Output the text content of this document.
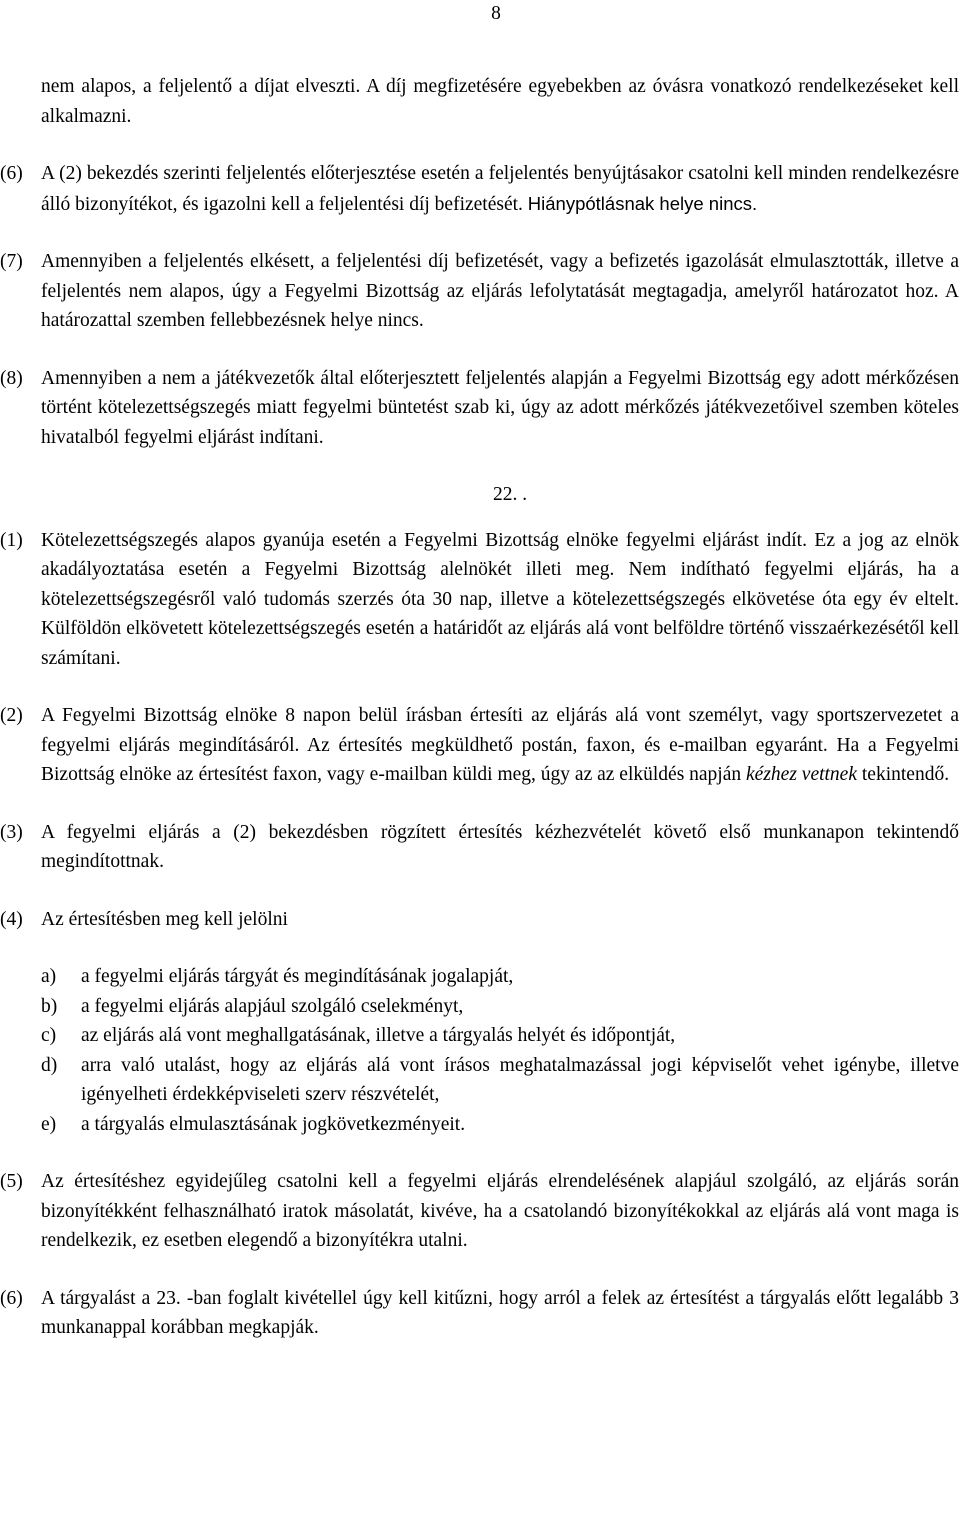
8

nem alapos, a feljelentő a díjat elveszti. A díj megfizetésére egyebekben az óvásra vonatkozó rendelkezéseket kell alkalmazni.

(6) A (2) bekezdés szerinti feljelentés előterjesztése esetén a feljelentés benyújtásakor csatolni kell minden rendelkezésre álló bizonyítékot, és igazolni kell a feljelentési díj befizetését. Hiánypótlásnak helye nincs.

(7) Amennyiben a feljelentés elkésett, a feljelentési díj befizetését, vagy a befizetés igazolását elmulasztották, illetve a feljelentés nem alapos, úgy a Fegyelmi Bizottság az eljárás lefolytatását megtagadja, amelyről határozatot hoz. A határozattal szemben fellebbezésnek helye nincs.

(8) Amennyiben a nem a játékvezetők által előterjesztett feljelentés alapján a Fegyelmi Bizottság egy adott mérkőzésen történt kötelezettségszegés miatt fegyelmi büntetést szab ki, úgy az adott mérkőzés játékvezetőivel szemben köteles hivatalból fegyelmi eljárást indítani.

22. .
(1) Kötelezettségszegés alapos gyanúja esetén a Fegyelmi Bizottság elnöke fegyelmi eljárást indít. Ez a jog az elnök akadályoztatása esetén a Fegyelmi Bizottság alelnökét illeti meg. Nem indítható fegyelmi eljárás, ha a kötelezettségszegésről való tudomás szerzés óta 30 nap, illetve a kötelezettségszegés elkövetése óta egy év eltelt. Külföldön elkövetett kötelezettségszegés esetén a határidőt az eljárás alá vont belföldre történő visszaérkezésétől kell számítani.

(2) A Fegyelmi Bizottság elnöke 8 napon belül írásban értesíti az eljárás alá vont személyt, vagy sportszervezetet a fegyelmi eljárás megindításáról. Az értesítés megküldhető postán, faxon, és e-mailban egyaránt. Ha a Fegyelmi Bizottság elnöke az értesítést faxon, vagy e-mailban küldi meg, úgy az az elküldés napján kézhez vettnek tekintendő.

(3) A fegyelmi eljárás a (2) bekezdésben rögzített értesítés kézhezvételét követő első munkanapon tekintendő megindítottnak.

(4) Az értesítésben meg kell jelölni

a)	a fegyelmi eljárás tárgyát és megindításának jogalapját,
b)	a fegyelmi eljárás alapjául szolgáló cselekményt,
c)	az eljárás alá vont meghallgatásának, illetve a tárgyalás helyét és időpontját,
d)	arra való utalást, hogy az eljárás alá vont írásos meghatalmazással jogi képviselőt vehet igénybe, illetve igényelheti érdekképviseleti szerv részvételét,
e)	a tárgyalás elmulasztásának jogkövetkezményeit.
(5) Az értesítéshez egyidejűleg csatolni kell a fegyelmi eljárás elrendelésének alapjául szolgáló, az eljárás során bizonyítékként felhasználható iratok másolatát, kivéve, ha a csatolandó bizonyítékokkal az eljárás alá vont maga is rendelkezik, ez esetben elegendő a bizonyítékra utalni.

(6) A tárgyalást a 23. -ban foglalt kivétellel úgy kell kitűzni, hogy arról a felek az értesítést a tárgyalás előtt legalább 3 munkanappal korábban megkapják.
